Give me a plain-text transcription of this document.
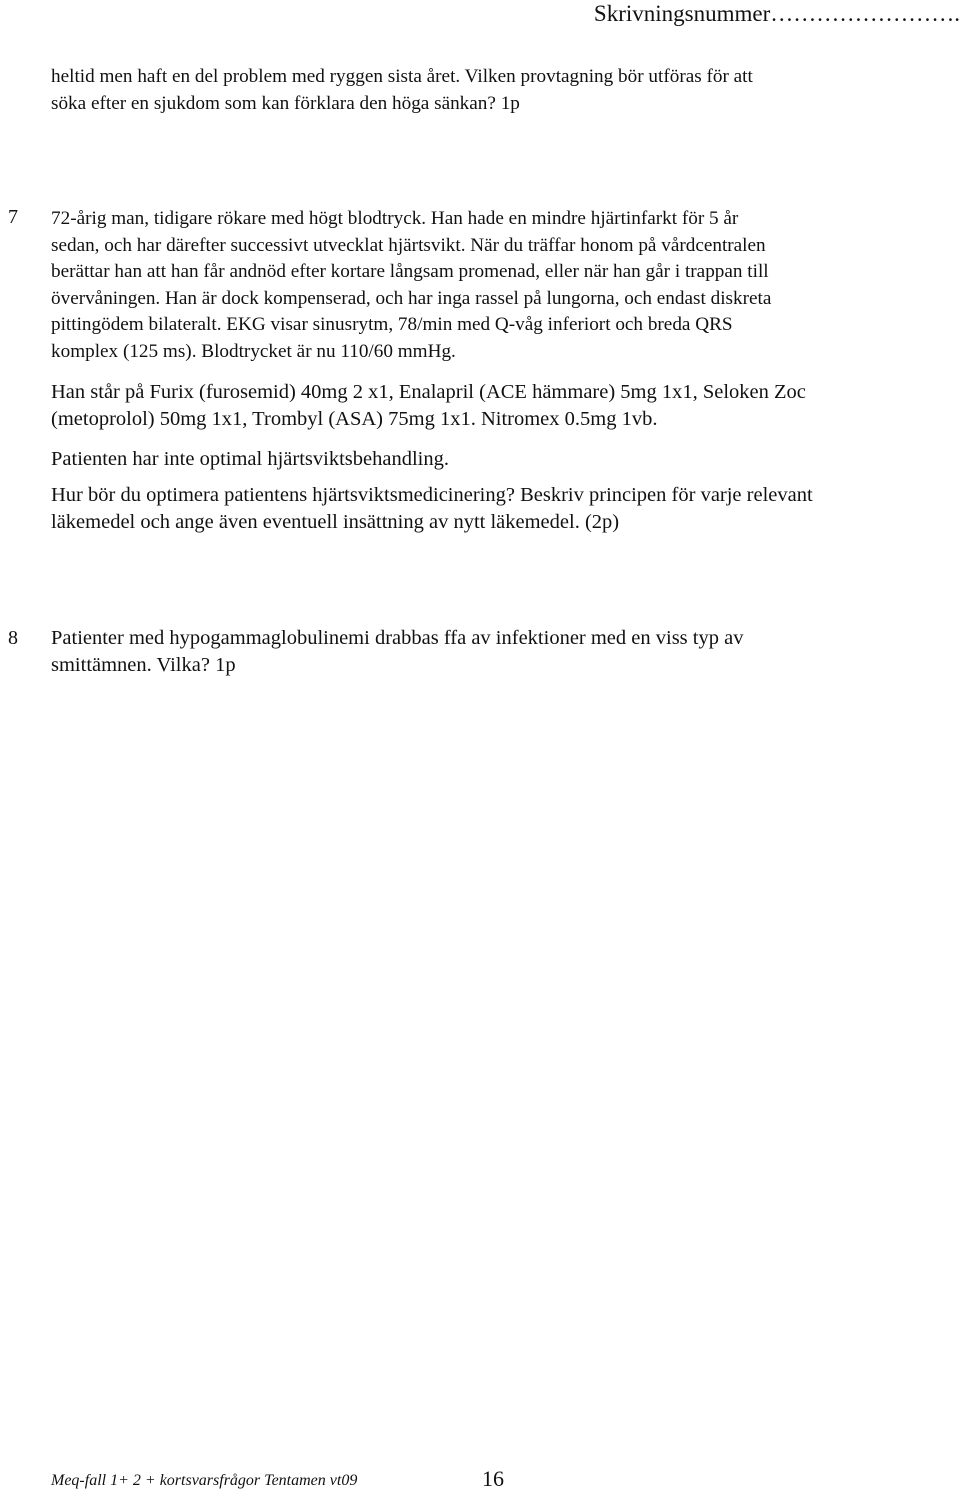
Skrivningsnummer…………………….
heltid men haft en del problem med ryggen sista året. Vilken provtagning bör utföras för att
söka efter en sjukdom som kan förklara den höga sänkan? 1p
7 72-årig man, tidigare rökare med högt blodtryck. Han hade en mindre hjärtinfarkt för 5 år
sedan, och har därefter successivt utvecklat hjärtsvikt. När du träffar honom på vårdcentralen
berättar han att han får andnöd efter kortare långsam promenad, eller när han går i trappan till
övervåningen. Han är dock kompenserad, och har inga rassel på lungorna, och endast diskreta
pittingödem bilateralt. EKG visar sinusrytm, 78/min med Q-våg inferiort och breda QRS
komplex (125 ms). Blodtrycket är nu 110/60 mmHg.
Han står på Furix (furosemid) 40mg 2 x1, Enalapril (ACE hämmare) 5mg 1x1, Seloken Zoc
(metoprolol) 50mg 1x1, Trombyl (ASA) 75mg 1x1. Nitromex 0.5mg 1vb.
Patienten har inte optimal hjärtsviktsbehandling.
Hur bör du optimera patientens hjärtsviktsmedicinering? Beskriv principen för varje relevant
läkemedel och ange även eventuell insättning av nytt läkemedel. (2p)
8 Patienter med hypogammaglobulinemi drabbas ffa av infektioner med en viss typ av
smittämnen. Vilka? 1p
Meq-fall 1+ 2 + kortsvarsfrågor Tentamen vt09	16
